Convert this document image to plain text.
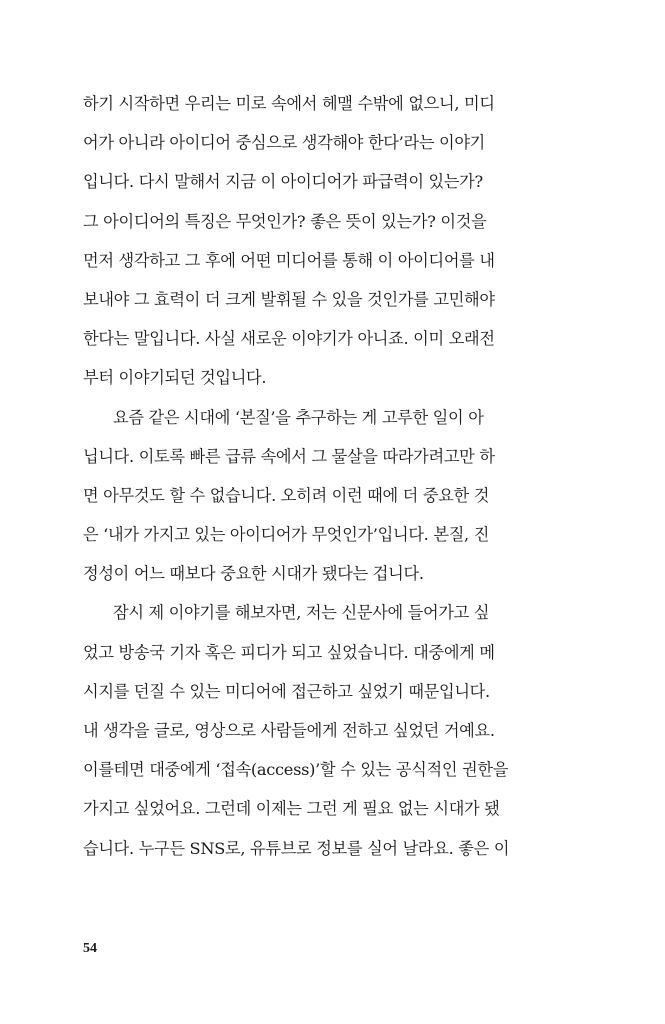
하기 시작하면 우리는 미로 속에서 헤맬 수밖에 없으니, 미디
어가 아니라 아이디어 중심으로 생각해야 한다’라는 이야기
입니다. 다시 말해서 지금 이 아이디어가 파급력이 있는가?
그 아이디어의 특징은 무엇인가? 좋은 뜻이 있는가? 이것을
먼저 생각하고 그 후에 어떤 미디어를 통해 이 아이디어를 내
보내야 그 효력이 더 크게 발휘될 수 있을 것인가를 고민해야
한다는 말입니다. 사실 새로운 이야기가 아니죠. 이미 오래전
부터 이야기되던 것입니다.
요즘 같은 시대에 ‘본질’을 추구하는 게 고루한 일이 아
닙니다. 이토록 빠른 급류 속에서 그 물살을 따라가려고만 하
면 아무것도 할 수 없습니다. 오히려 이런 때에 더 중요한 것
은 ‘내가 가지고 있는 아이디어가 무엇인가’입니다. 본질, 진
정성이 어느 때보다 중요한 시대가 됐다는 겁니다.
잠시 제 이야기를 해보자면, 저는 신문사에 들어가고 싶
었고 방송국 기자 혹은 피디가 되고 싶었습니다. 대중에게 메
시지를 던질 수 있는 미디어에 접근하고 싶었기 때문입니다.
내 생각을 글로, 영상으로 사람들에게 전하고 싶었던 거예요.
이를테면 대중에게 ‘접속(access)’할 수 있는 공식적인 권한을
가지고 싶었어요. 그런데 이제는 그런 게 필요 없는 시대가 됐
습니다. 누구든 SNS로, 유튜브로 정보를 실어 날라요. 좋은 이
54
